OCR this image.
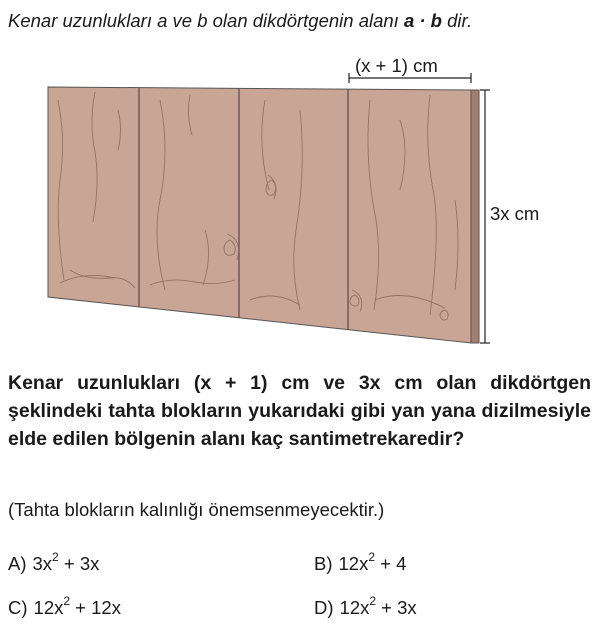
Kenar uzunlukları a ve b olan dikdörtgenin alanı a · b dir.
(x + 1) cm
3x cm
Kenar uzunlukları (x + 1) cm ve 3x cm olan dikdörtgen şeklindeki tahta blokların yukarıdaki gibi yan yana dizilmesiyle elde edilen bölgenin alanı kaç santimetrekaredir?
(Tahta blokların kalınlığı önemsenmeyecektir.)
A) $3x^2 + 3x$	B) $12x^2 + 4$
C) $12x^2 + 12x$	D) $12x^2 + 3x$
